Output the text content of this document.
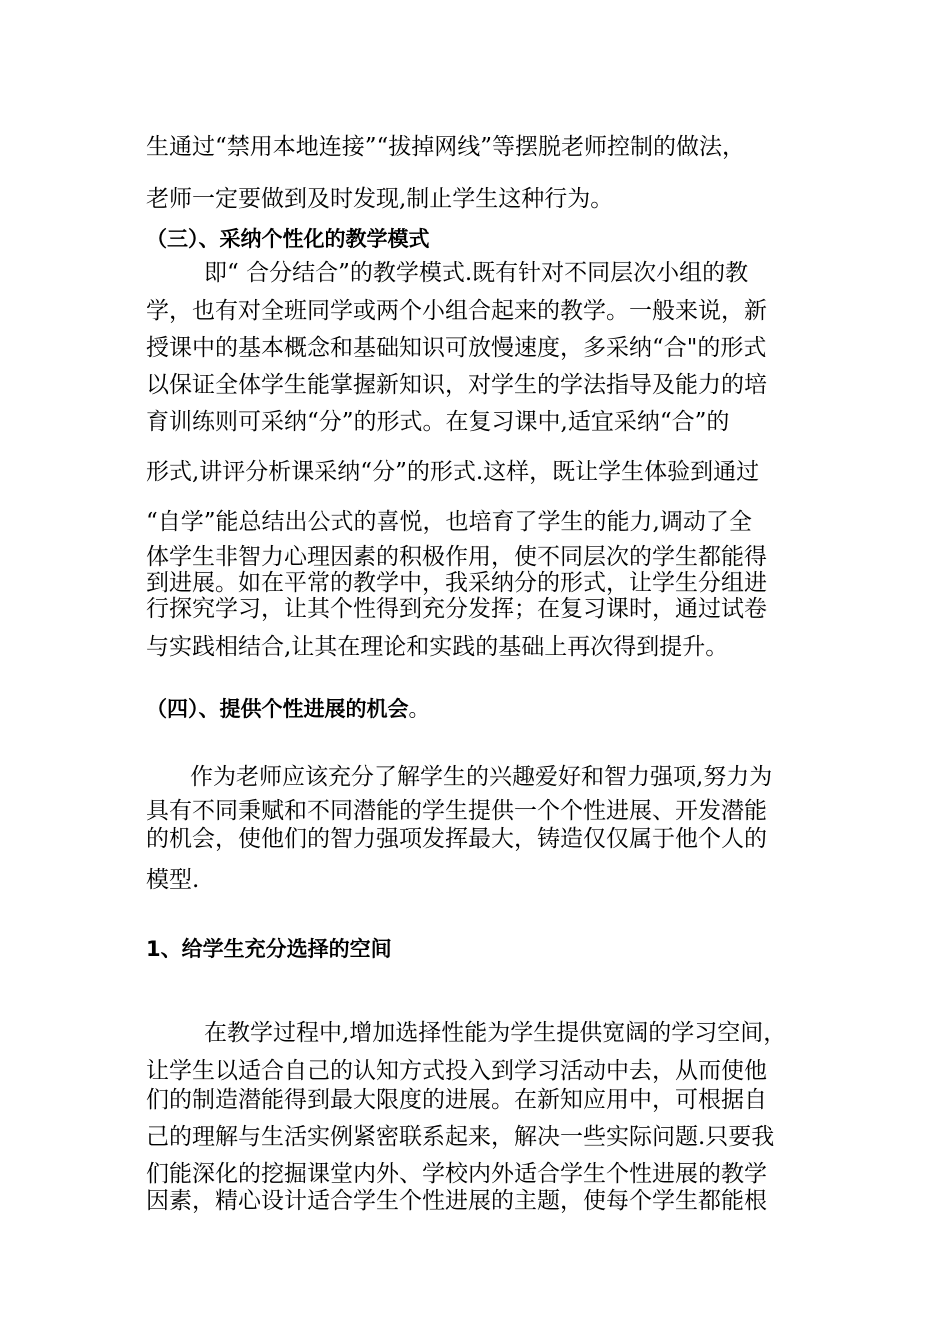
生通过“禁用本地连接”“拔掉网线”等摆脱老师控制的做法，
老师一定要做到及时发现,制止学生这种行为。
（三）、采纳个性化的教学模式
即“ 合分结合”的教学模式.既有针对不同层次小组的教
学，也有对全班同学或两个小组合起来的教学。一般来说，新
授课中的基本概念和基础知识可放慢速度，多采纳“合"的形式
以保证全体学生能掌握新知识，对学生的学法指导及能力的培
育训练则可采纳“分”的形式。在复习课中,适宜采纳“合”的
形式,讲评分析课采纳“分”的形式.这样，既让学生体验到通过
“自学”能总结出公式的喜悦，也培育了学生的能力,调动了全
体学生非智力心理因素的积极作用，使不同层次的学生都能得
到进展。如在平常的教学中，我采纳分的形式，让学生分组进
行探究学习，让其个性得到充分发挥；在复习课时，通过试卷
与实践相结合,让其在理论和实践的基础上再次得到提升。
（四）、提供个性进展的机会。
作为老师应该充分了解学生的兴趣爱好和智力强项,努力为
具有不同秉赋和不同潜能的学生提供一个个性进展、开发潜能
的机会，使他们的智力强项发挥最大，铸造仅仅属于他个人的
模型.
1、给学生充分选择的空间
在教学过程中,增加选择性能为学生提供宽阔的学习空间，
让学生以适合自己的认知方式投入到学习活动中去，从而使他
们的制造潜能得到最大限度的进展。在新知应用中，可根据自
己的理解与生活实例紧密联系起来，解决一些实际问题.只要我
们能深化的挖掘课堂内外、学校内外适合学生个性进展的教学
因素，精心设计适合学生个性进展的主题，使每个学生都能根
